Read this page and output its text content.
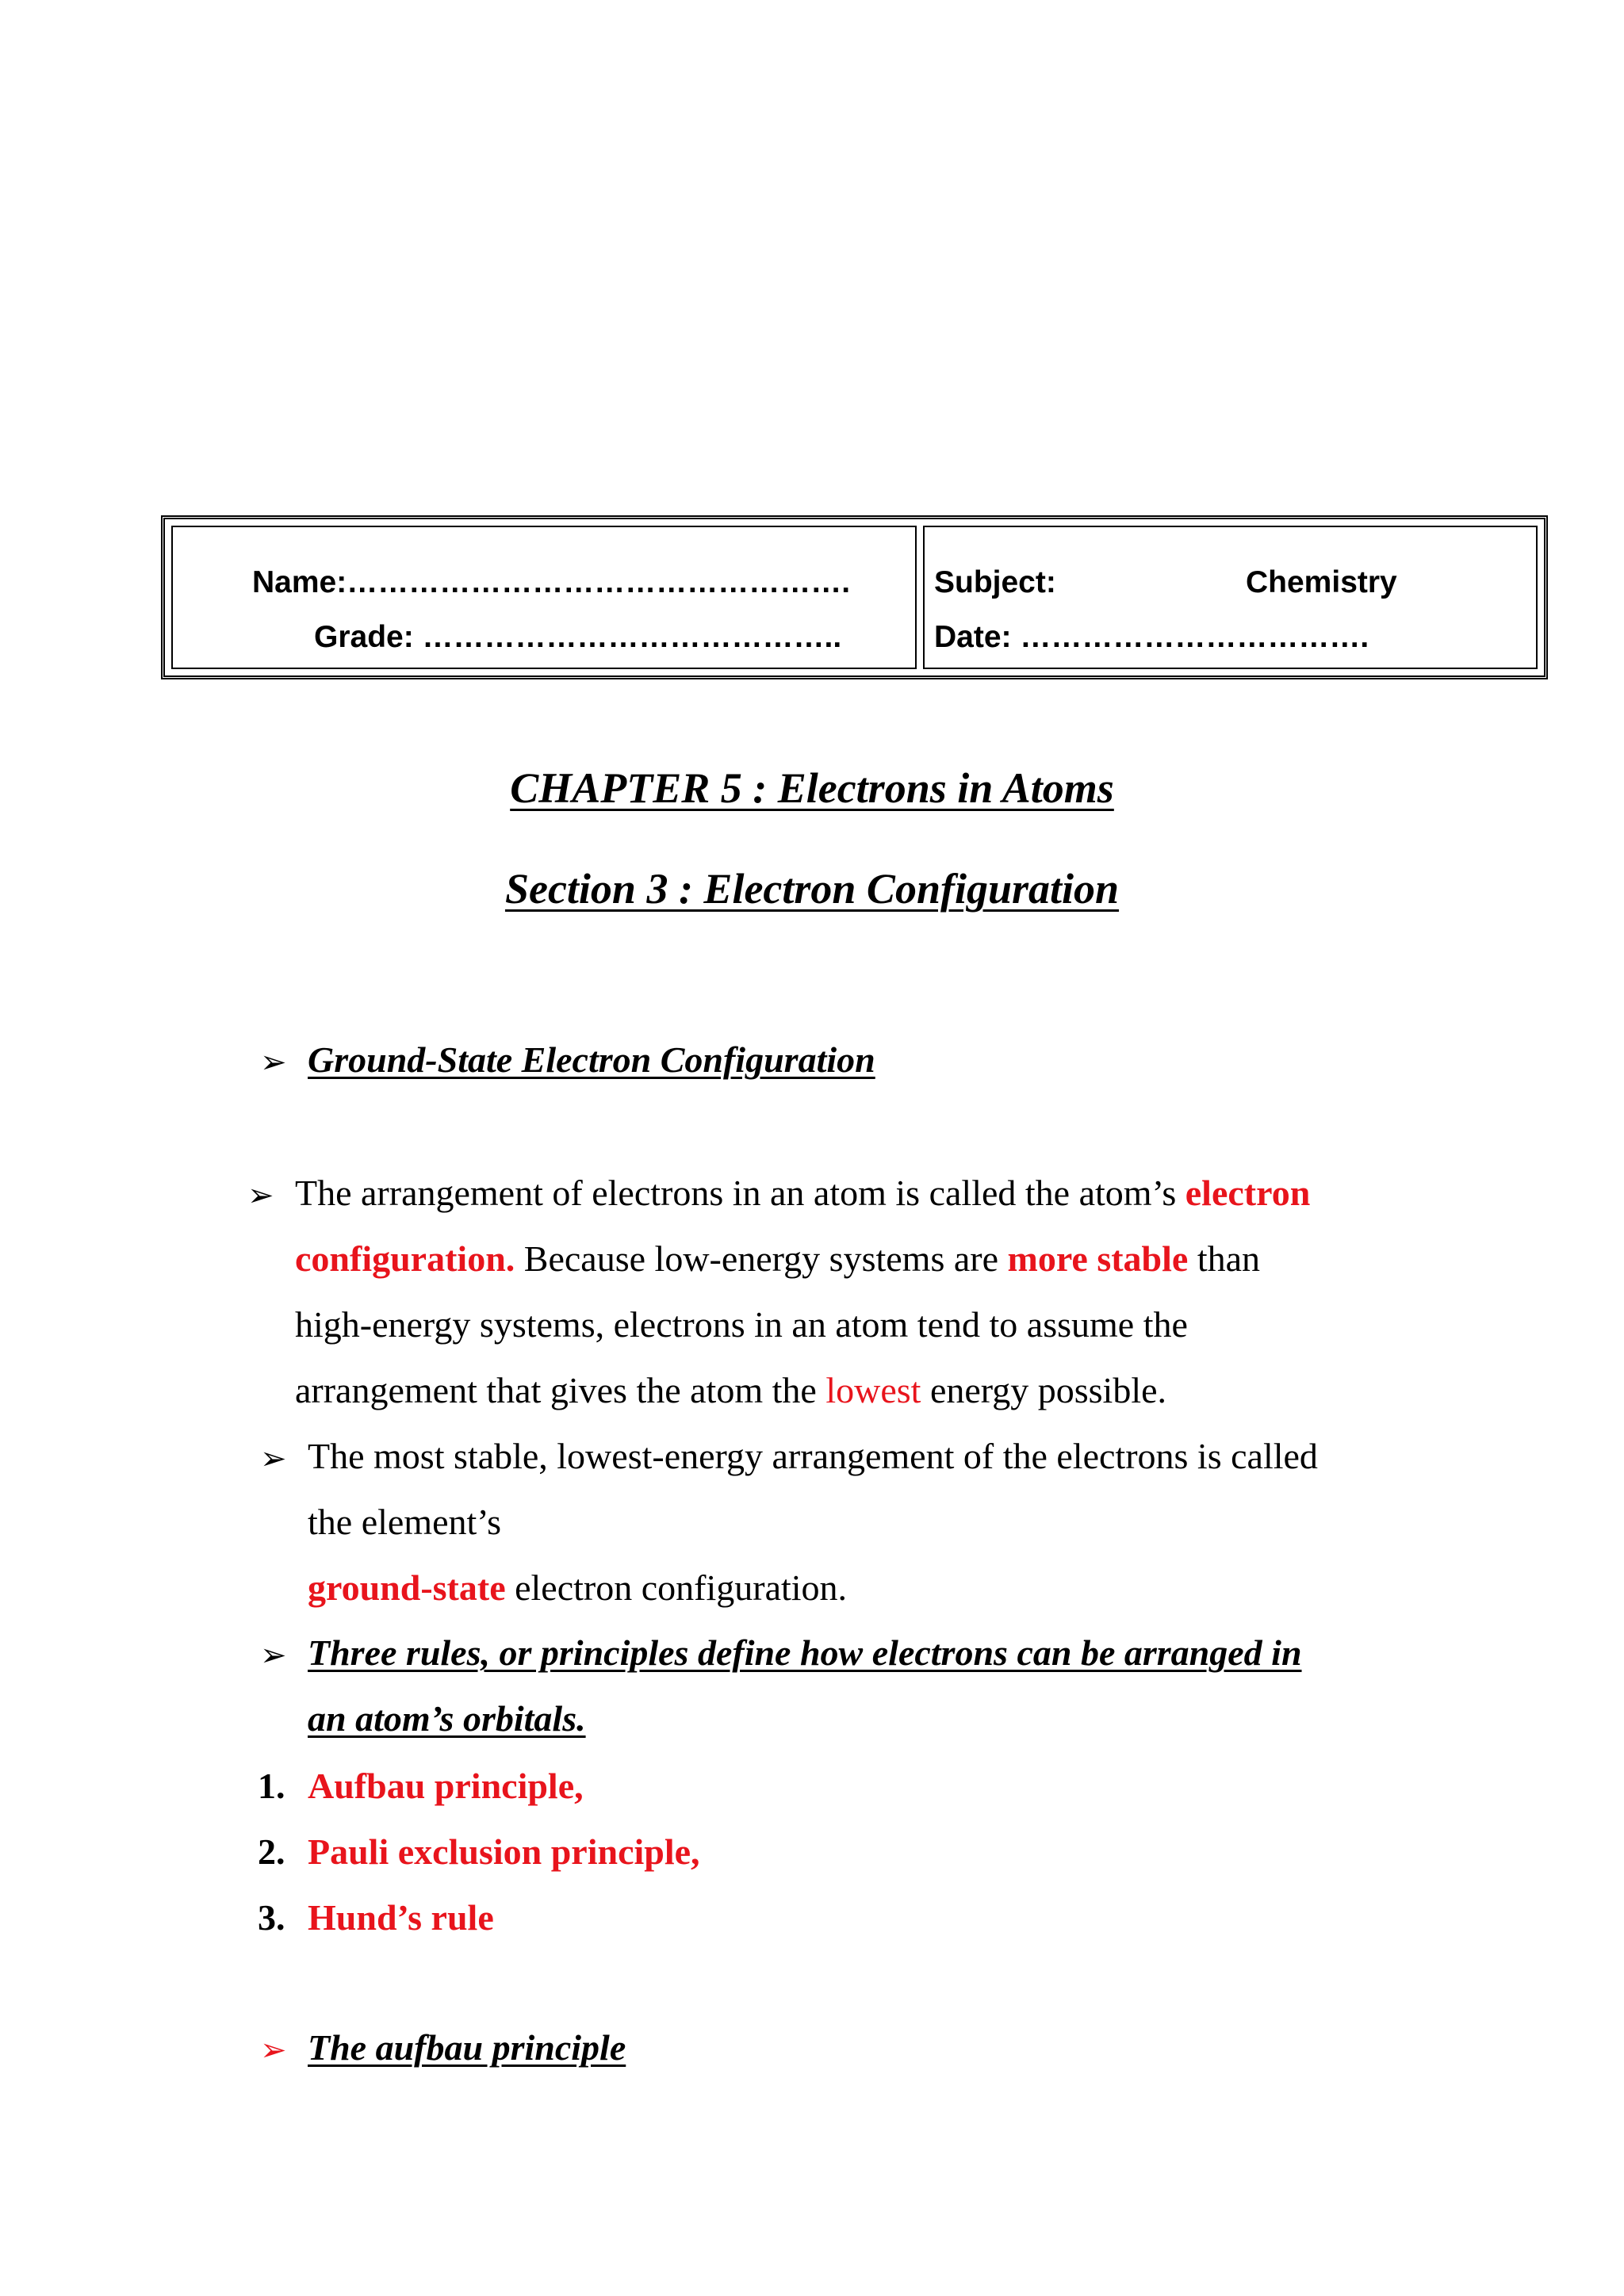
Name:………………………………………….
Grade: …………………………………..
Subject:	Chemistry
Date: …………………………….
CHAPTER 5 : Electrons in Atoms
Section 3 : Electron Configuration
➢ Ground-State Electron Configuration
➢ The arrangement of electrons in an atom is called the atom’s electron
configuration. Because low-energy systems are more stable than
high-energy systems, electrons in an atom tend to assume the
arrangement that gives the atom the lowest energy possible.
➢ The most stable, lowest-energy arrangement of the electrons is called
the element’s
ground-state electron configuration.
➢ Three rules, or principles define how electrons can be arranged in
an atom’s orbitals.
1. Aufbau principle,
2. Pauli exclusion principle,
3. Hund’s rule
➢ The aufbau principle
